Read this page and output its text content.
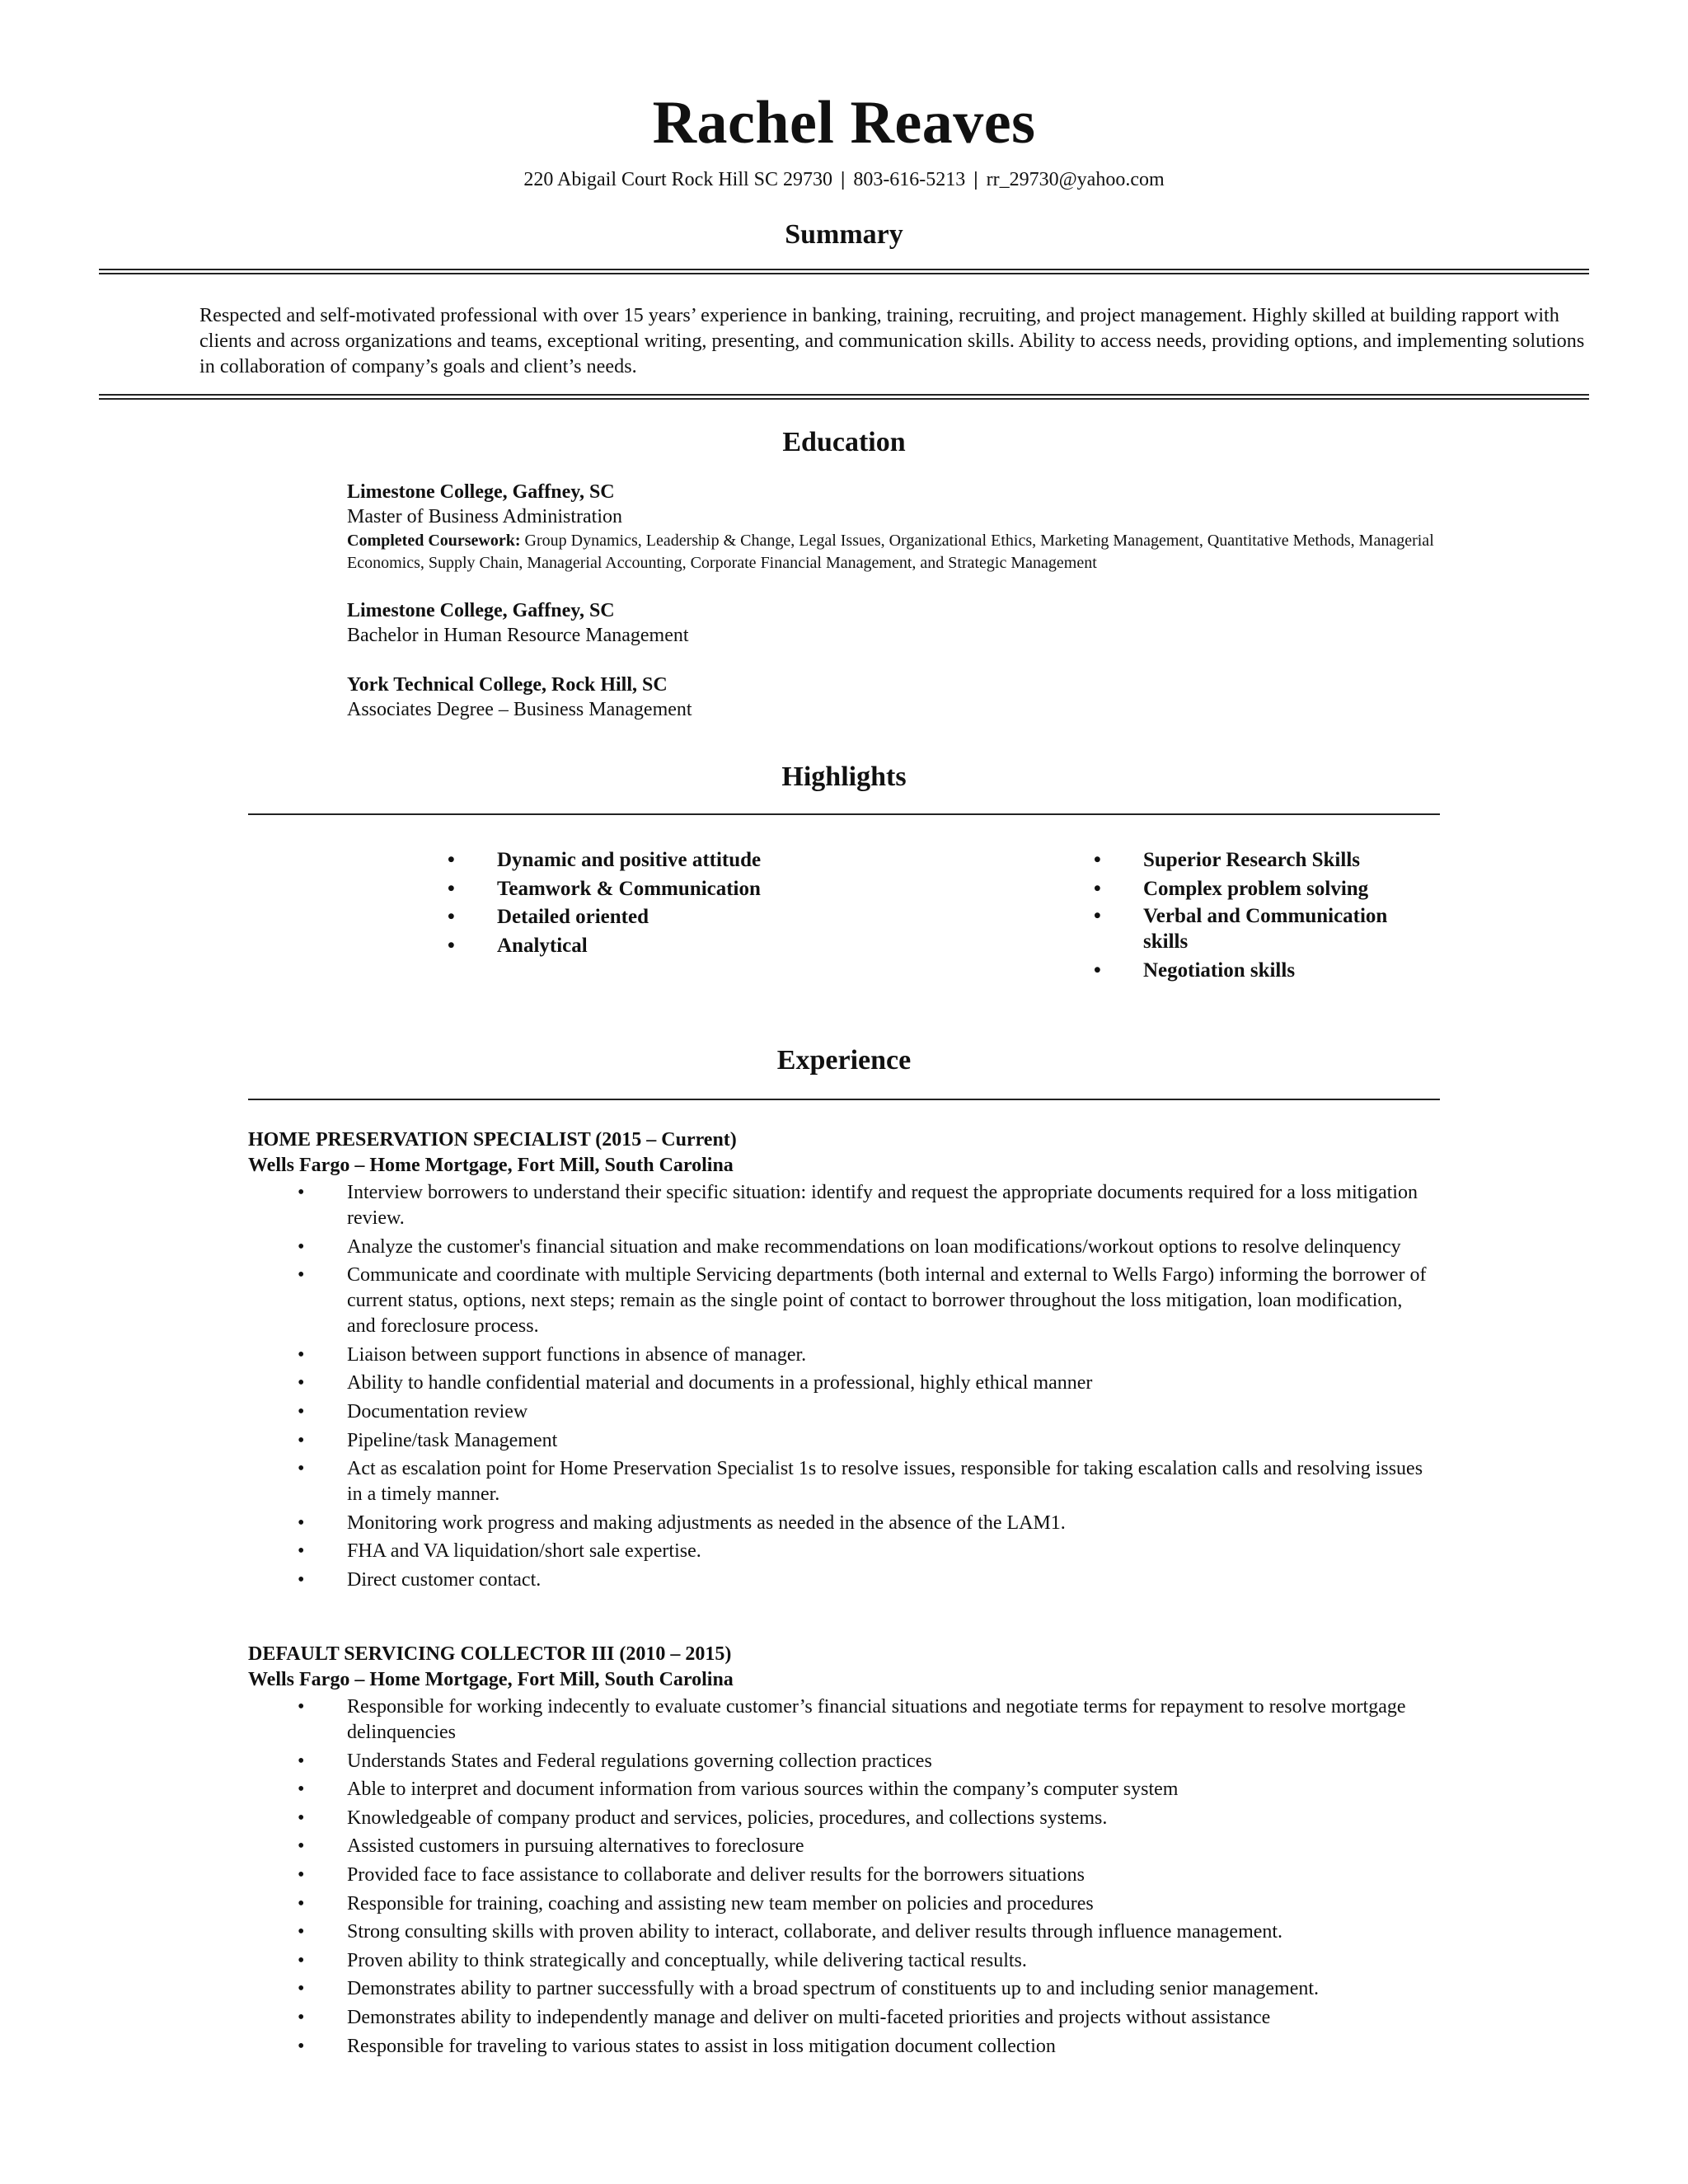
Rachel Reaves
220 Abigail Court Rock Hill SC 29730 | 803-616-5213 | rr_29730@yahoo.com
Summary
Respected and self-motivated professional with over 15 years’ experience in banking, training, recruiting, and project management. Highly skilled at building rapport with clients and across organizations and teams, exceptional writing, presenting, and communication skills. Ability to access needs, providing options, and implementing solutions in collaboration of company’s goals and client’s needs.
Education
Limestone College, Gaffney, SC
Master of Business Administration
Completed Coursework: Group Dynamics, Leadership & Change, Legal Issues, Organizational Ethics, Marketing Management, Quantitative Methods, Managerial Economics, Supply Chain, Managerial Accounting, Corporate Financial Management, and Strategic Management
Limestone College, Gaffney, SC
Bachelor in Human Resource Management
York Technical College, Rock Hill, SC
Associates Degree – Business Management
Highlights
• Dynamic and positive attitude
• Teamwork & Communication
• Detailed oriented
• Analytical
• Superior Research Skills
• Complex problem solving
• Verbal and Communication skills
• Negotiation skills
Experience
HOME PRESERVATION SPECIALIST (2015 – Current)
Wells Fargo – Home Mortgage, Fort Mill, South Carolina
• Interview borrowers to understand their specific situation: identify and request the appropriate documents required for a loss mitigation review.
• Analyze the customer's financial situation and make recommendations on loan modifications/workout options to resolve delinquency
• Communicate and coordinate with multiple Servicing departments (both internal and external to Wells Fargo) informing the borrower of current status, options, next steps; remain as the single point of contact to borrower throughout the loss mitigation, loan modification, and foreclosure process.
• Liaison between support functions in absence of manager.
• Ability to handle confidential material and documents in a professional, highly ethical manner
• Documentation review
• Pipeline/task Management
• Act as escalation point for Home Preservation Specialist 1s to resolve issues, responsible for taking escalation calls and resolving issues in a timely manner.
• Monitoring work progress and making adjustments as needed in the absence of the LAM1.
• FHA and VA liquidation/short sale expertise.
• Direct customer contact.
DEFAULT SERVICING COLLECTOR III (2010 – 2015)
Wells Fargo – Home Mortgage, Fort Mill, South Carolina
• Responsible for working indecently to evaluate customer’s financial situations and negotiate terms for repayment to resolve mortgage delinquencies
• Understands States and Federal regulations governing collection practices
• Able to interpret and document information from various sources within the company’s computer system
• Knowledgeable of company product and services, policies, procedures, and collections systems.
• Assisted customers in pursuing alternatives to foreclosure
• Provided face to face assistance to collaborate and deliver results for the borrowers situations
• Responsible for training, coaching and assisting new team member on policies and procedures
• Strong consulting skills with proven ability to interact, collaborate, and deliver results through influence management.
• Proven ability to think strategically and conceptually, while delivering tactical results.
• Demonstrates ability to partner successfully with a broad spectrum of constituents up to and including senior management.
• Demonstrates ability to independently manage and deliver on multi-faceted priorities and projects without assistance
• Responsible for traveling to various states to assist in loss mitigation document collection
